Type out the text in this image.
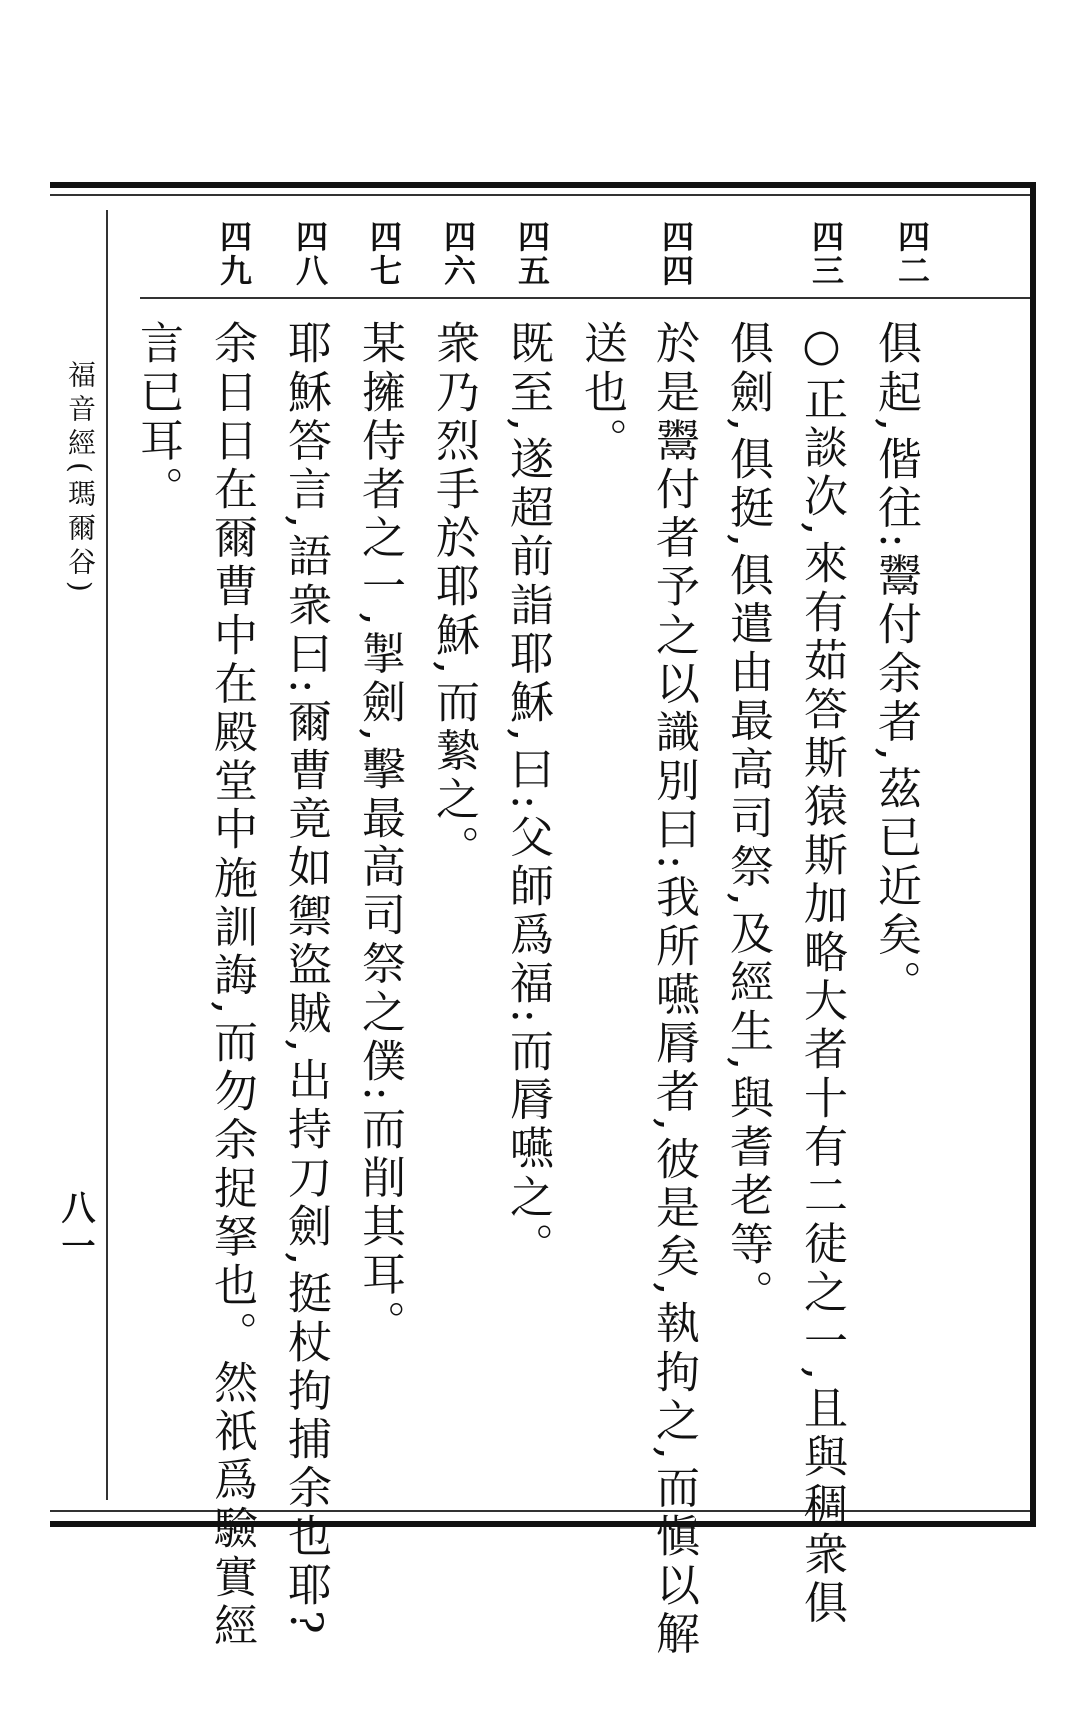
福音經(瑪爾谷)
八一
四二
四三
四四
四五
四六
四七
四八
四九
俱起,偕往:鬻付余者,茲已近矣。
○正談次,來有茹答斯猿斯加略大者十有二徒之一,且與稠衆俱
俱劍,俱挺,俱遣由最高司祭,及經生,與耆老等。
於是鬻付者予之以識別曰:我所嚥脣者,彼是矣,執拘之,而愼以解
送也。
既至,遂超前詣耶穌,曰:父師爲福:而脣嚥之。
衆乃烈手於耶穌,而縶之。
某擁侍者之一,掣劍,擊最高司祭之僕:而削其耳。
耶穌答言,語衆曰:爾曹竟如禦盜賊,出持刀劍,挺杖拘捕余也耶?
余日日在爾曹中在殿堂中施訓誨,而勿余捉拏也。然祇爲驗實經
言已耳。
